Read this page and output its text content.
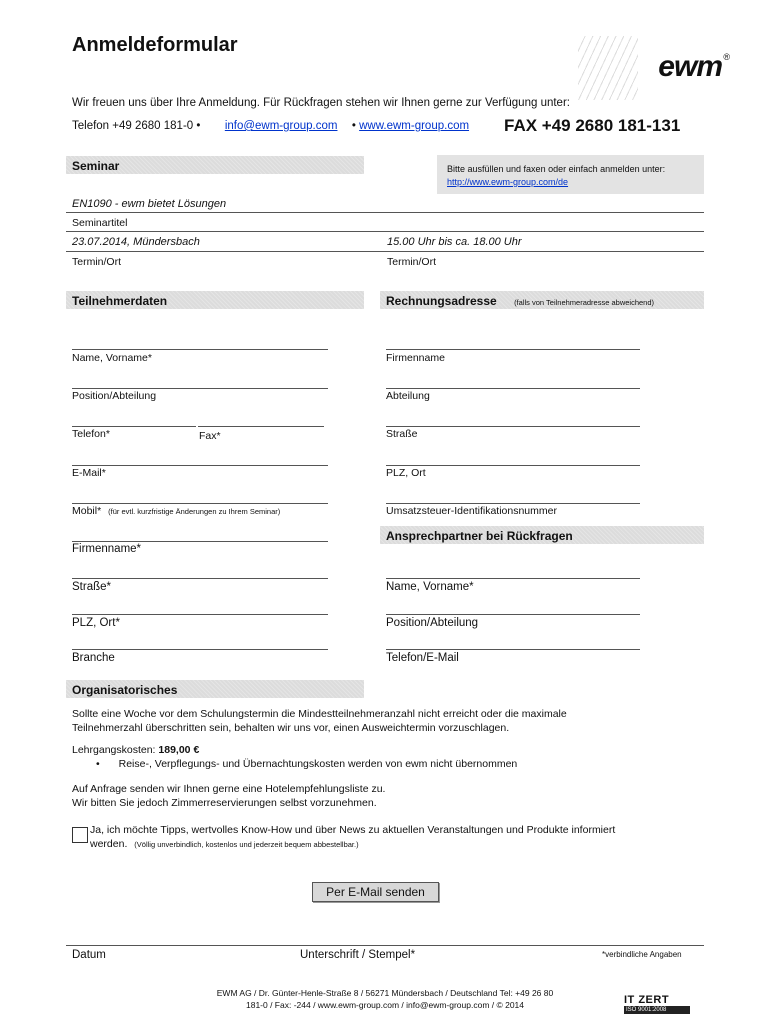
Anmeldeformular
ewm ®
Wir freuen uns über Ihre Anmeldung. Für Rückfragen stehen wir Ihnen gerne zur Verfügung unter:
Telefon +49 2680 181-0 • info@ewm-group.com • www.ewm-group.com FAX +49 2680 181-131
Seminar	Bitte ausfüllen und faxen oder einfach anmelden unter:
http://www.ewm-group.com/de
EN1090 - ewm bietet Lösungen
Seminartitel
23.07.2014, Mündersbach	15.00 Uhr bis ca. 18.00 Uhr
Termin/Ort	Termin/Ort
Teilnehmerdaten	Rechnungsadresse (falls von Teilnehmeradresse abweichend)
Name, Vorname*
Position/Abteilung
Telefon*	Fax*
E-Mail*
Mobil* (für evtl. kurzfristige Änderungen zu Ihrem Seminar)
Firmenname*
Straße*
PLZ, Ort*
Branche
Firmenname
Abteilung
Straße
PLZ, Ort
Umsatzsteuer-Identifikationsnummer
Ansprechpartner bei Rückfragen
Name, Vorname*
Position/Abteilung
Telefon/E-Mail
Organisatorisches
Sollte eine Woche vor dem Schulungstermin die Mindestteilnehmeranzahl nicht erreicht oder die maximale
Teilnehmerzahl überschritten sein, behalten wir uns vor, einen Ausweichtermin vorzuschlagen.
Lehrgangskosten: 189,00 €
• Reise-, Verpflegungs- und Übernachtungskosten werden von ewm nicht übernommen
Auf Anfrage senden wir Ihnen gerne eine Hotelempfehlungsliste zu.
Wir bitten Sie jedoch Zimmerreservierungen selbst vorzunehmen.
Ja, ich möchte Tipps, wertvolles Know-How und über News zu aktuellen Veranstaltungen und Produkte informiert
werden. (Völlig unverbindlich, kostenlos und jederzeit bequem abbestellbar.)
Per E-Mail senden
Datum	Unterschrift / Stempel*	*verbindliche Angaben
EWM AG / Dr. Günter-Henle-Straße 8 / 56271 Mündersbach / Deutschland Tel: +49 26 80
181-0 / Fax: -244 / www.ewm-group.com / info@ewm-group.com / © 2014	IT ZERT
ISO 9001:2008
